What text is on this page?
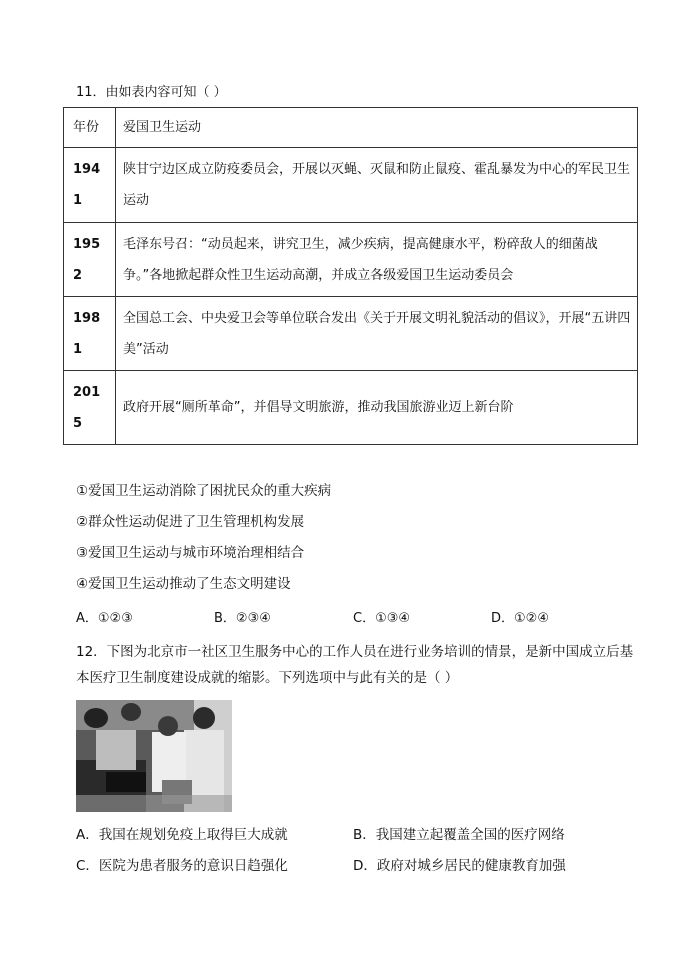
11．由如表内容可知（ ）
年份	爱国卫生运动
1941	陕甘宁边区成立防疫委员会，开展以灭蝇、灭鼠和防止鼠疫、霍乱暴发为中心的军民卫生运动
1952	毛泽东号召：“动员起来，讲究卫生，减少疾病，提高健康水平，粉碎敌人的细菌战争。”各地掀起群众性卫生运动高潮，并成立各级爱国卫生运动委员会
1981	全国总工会、中央爱卫会等单位联合发出《关于开展文明礼貌活动的倡议》，开展“五讲四美”活动
2015	政府开展“厕所革命”，并倡导文明旅游，推动我国旅游业迈上新台阶
①爱国卫生运动消除了困扰民众的重大疾病
②群众性运动促进了卫生管理机构发展
③爱国卫生运动与城市环境治理相结合
④爱国卫生运动推动了生态文明建设
A．①②③	B．②③④	C．①③④	D．①②④
12．下图为北京市一社区卫生服务中心的工作人员在进行业务培训的情景，是新中国成立后基本医疗卫生制度建设成就的缩影。下列选项中与此有关的是（ ）
A．我国在规划免疫上取得巨大成就	B．我国建立起覆盖全国的医疗网络
C．医院为患者服务的意识日趋强化	D．政府对城乡居民的健康教育加强
